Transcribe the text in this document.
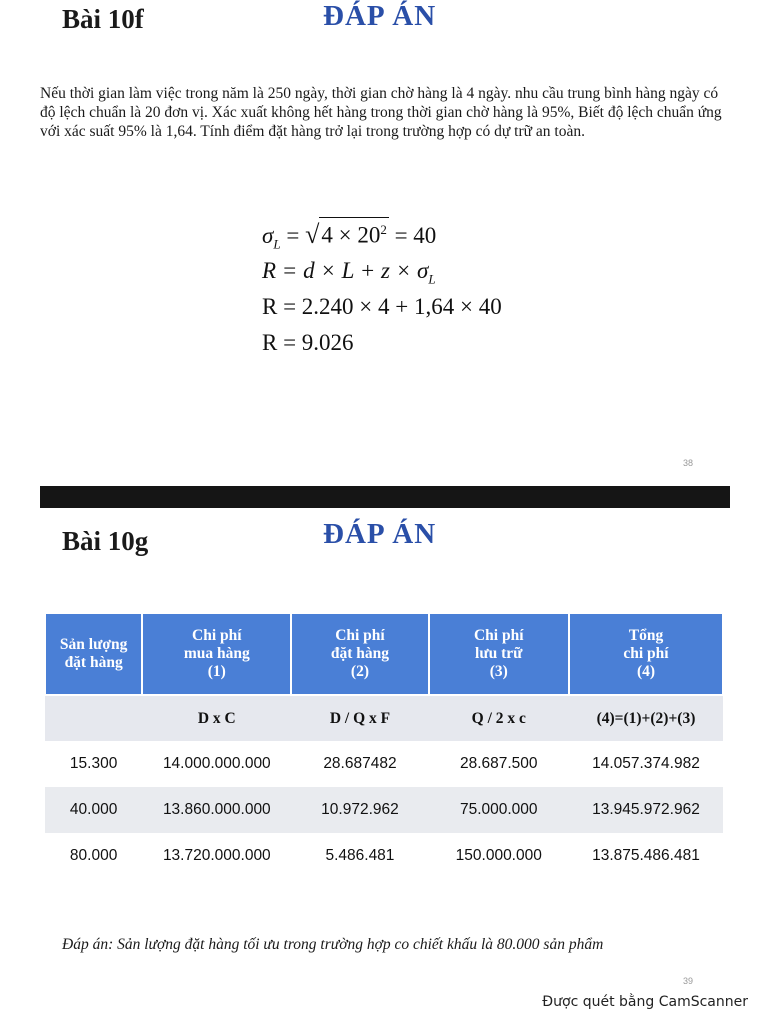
Bài 10f	ĐÁP ÁN
Nếu thời gian làm việc trong năm là 250 ngày, thời gian chờ hàng là 4 ngày. nhu cầu trung bình hàng ngày có độ lệch chuẩn là 20 đơn vị. Xác xuất không hết hàng trong thời gian chờ hàng là 95%, Biết độ lệch chuẩn ứng với xác suất 95% là 1,64. Tính điểm đặt hàng trở lại trong trường hợp có dự trữ an toàn.
$\sigma_L = √4 \times 20^2 = 40$
$R = d \times L + z \times \sigma_L$
R = 2.240 × 4 + 1,64 × 40
R = 9.026
38
Bài 10g	ĐÁP ÁN
Sản lượng
đặt hàng	Chi phí
mua hàng
(1)	Chi phí
đặt hàng
(2)	Chi phí
lưu trữ
(3)	Tổng
chi phí
(4)
	D x C	D / Q x F	Q / 2 x c	(4)=(1)+(2)+(3)
15.300	14.000.000.000	28.687482	28.687.500	14.057.374.982
40.000	13.860.000.000	10.972.962	75.000.000	13.945.972.962
80.000	13.720.000.000	5.486.481	150.000.000	13.875.486.481
Đáp án: Sản lượng đặt hàng tối ưu trong trường hợp co chiết khấu là 80.000 sản phẩm
39
Được quét bằng CamScanner
